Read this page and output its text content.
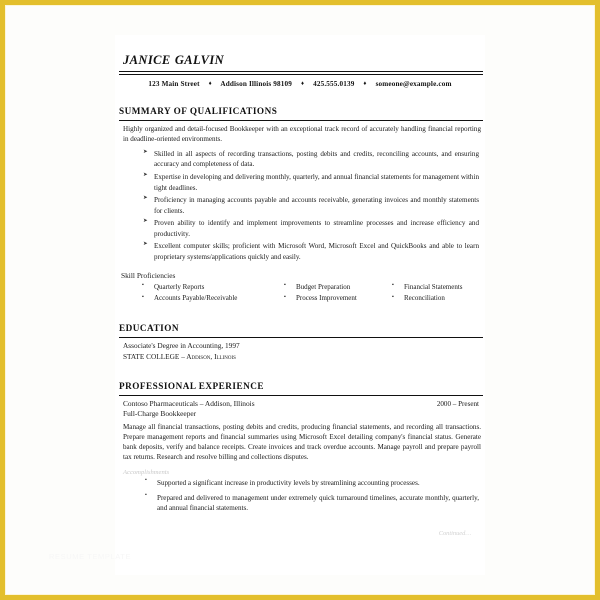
JANICE GALVIN
123 Main Street ♦ Addison Illinois 98109 ♦ 425.555.0139 ♦ someone@example.com
SUMMARY OF QUALIFICATIONS
Highly organized and detail-focused Bookkeeper with an exceptional track record of accurately handling financial reporting in deadline-oriented environments.
➤ Skilled in all aspects of recording transactions, posting debits and credits, reconciling accounts, and ensuring accuracy and completeness of data.
➤ Expertise in developing and delivering monthly, quarterly, and annual financial statements for management within tight deadlines.
➤ Proficiency in managing accounts payable and accounts receivable, generating invoices and monthly statements for clients.
➤ Proven ability to identify and implement improvements to streamline processes and increase efficiency and productivity.
➤ Excellent computer skills; proficient with Microsoft Word, Microsoft Excel and QuickBooks and able to learn proprietary systems/applications quickly and easily.
Skill Proficiencies
▪ Quarterly Reports
▪ Accounts Payable/Receivable
▪ Budget Preparation
▪ Process Improvement
▪ Financial Statements
▪ Reconciliation
EDUCATION
Associate's Degree in Accounting, 1997
STATE COLLEGE – Addison, Illinois
PROFESSIONAL EXPERIENCE
Contoso Pharmaceuticals – Addison, Illinois	2000 – Present
Full-Charge Bookkeeper
Manage all financial transactions, posting debits and credits, producing financial statements, and recording all transactions. Prepare management reports and financial summaries using Microsoft Excel detailing company's financial status. Generate bank deposits, verify and balance receipts. Create invoices and track overdue accounts. Manage payroll and prepare payroll tax returns. Research and resolve billing and collections disputes.
Accomplishments
▪ Supported a significant increase in productivity levels by streamlining accounting processes.
▪ Prepared and delivered to management under extremely quick turnaround timelines, accurate monthly, quarterly, and annual financial statements.
Continued…
RESUME TEMPLATE
